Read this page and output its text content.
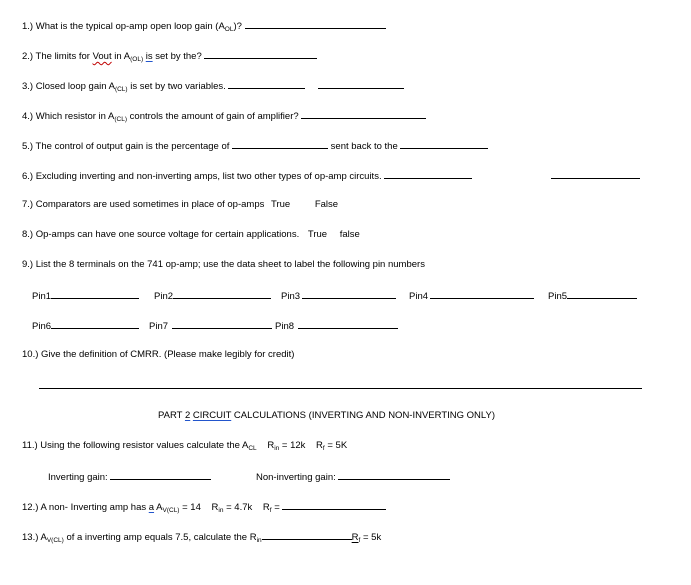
1.) What is the typical op-amp open loop gain $(A_{OL})$?
2.) The limits for Vout in $A_{(OL)}$ is set by the?
3.) Closed loop gain $A_{(CL)}$ is set by two variables.
4.) Which resistor in $A_{(CL)}$ controls the amount of gain of amplifier?
5.) The control of output gain is the percentage of	sent back to the
6.) Excluding inverting and non-inverting amps, list two other types of op-amp circuits.
7.) Comparators are used sometimes in place of op-amps True	False
8.) Op-amps can have one source voltage for certain applications. True false
9.) List the 8 terminals on the 741 op-amp; use the data sheet to label the following pin numbers
Pin1	Pin2	Pin3	Pin4	Pin5
Pin6	Pin7	Pin8
10.) Give the definition of CMRR. (Please make legibly for credit)
PART 2 CIRCUIT CALCULATIONS (INVERTING AND NON-INVERTING ONLY)
11.) Using the following resistor values calculate the $A_{CL}$ $R_{in} = 12k$ $R_f = 5K$
Inverting gain:	Non-inverting gain:
12.) A non- Inverting amp has a $A_{V(CL)} = 14$ $R_{in} = 4.7k$ $R_f$ =
13.) $A_{V(CL)}$ of a inverting amp equals 7.5, calculate the $R_{in}$	$R_f = 5k$
